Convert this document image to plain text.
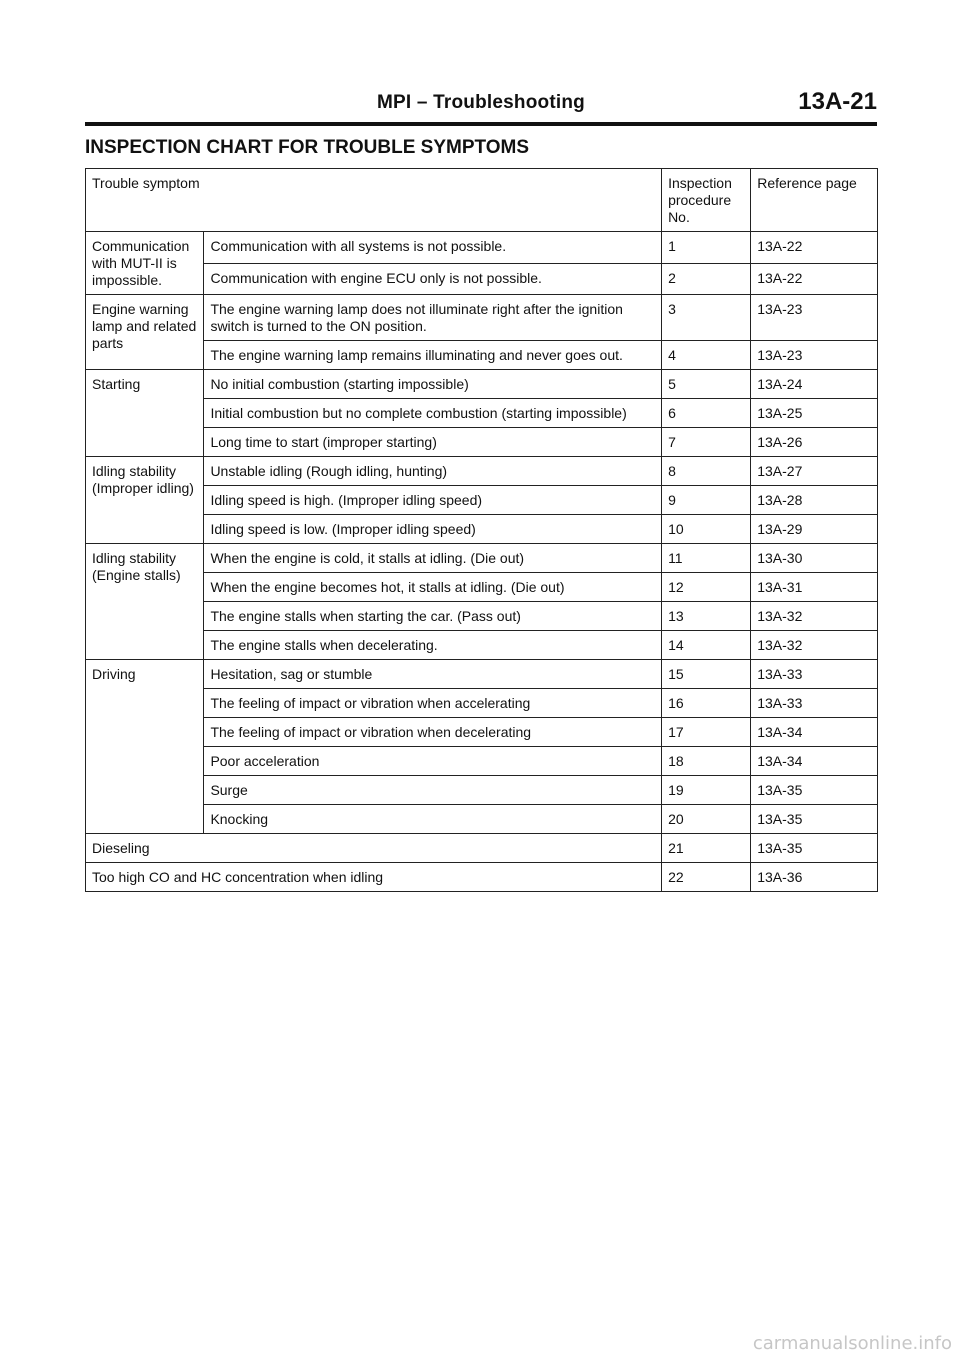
MPI – Troubleshooting	13A-21
INSPECTION CHART FOR TROUBLE SYMPTOMS
Trouble symptom		Inspection procedure No.	Reference page
Communication with MUT-II is impossible.	Communication with all systems is not possible.	1	13A-22
	Communication with engine ECU only is not possible.	2	13A-22
Engine warning lamp and related parts	The engine warning lamp does not illuminate right after the ignition switch is turned to the ON position.	3	13A-23
	The engine warning lamp remains illuminating and never goes out.	4	13A-23
Starting	No initial combustion (starting impossible)	5	13A-24
	Initial combustion but no complete combustion (starting impossible)	6	13A-25
	Long time to start (improper starting)	7	13A-26
Idling stability (Improper idling)	Unstable idling (Rough idling, hunting)	8	13A-27
	Idling speed is high. (Improper idling speed)	9	13A-28
	Idling speed is low. (Improper idling speed)	10	13A-29
Idling stability (Engine stalls)	When the engine is cold, it stalls at idling. (Die out)	11	13A-30
	When the engine becomes hot, it stalls at idling. (Die out)	12	13A-31
	The engine stalls when starting the car. (Pass out)	13	13A-32
	The engine stalls when decelerating.	14	13A-32
Driving	Hesitation, sag or stumble	15	13A-33
	The feeling of impact or vibration when accelerating	16	13A-33
	The feeling of impact or vibration when decelerating	17	13A-34
	Poor acceleration	18	13A-34
	Surge	19	13A-35
	Knocking	20	13A-35
Dieseling		21	13A-35
Too high CO and HC concentration when idling		22	13A-36
carmanualsonline.info
